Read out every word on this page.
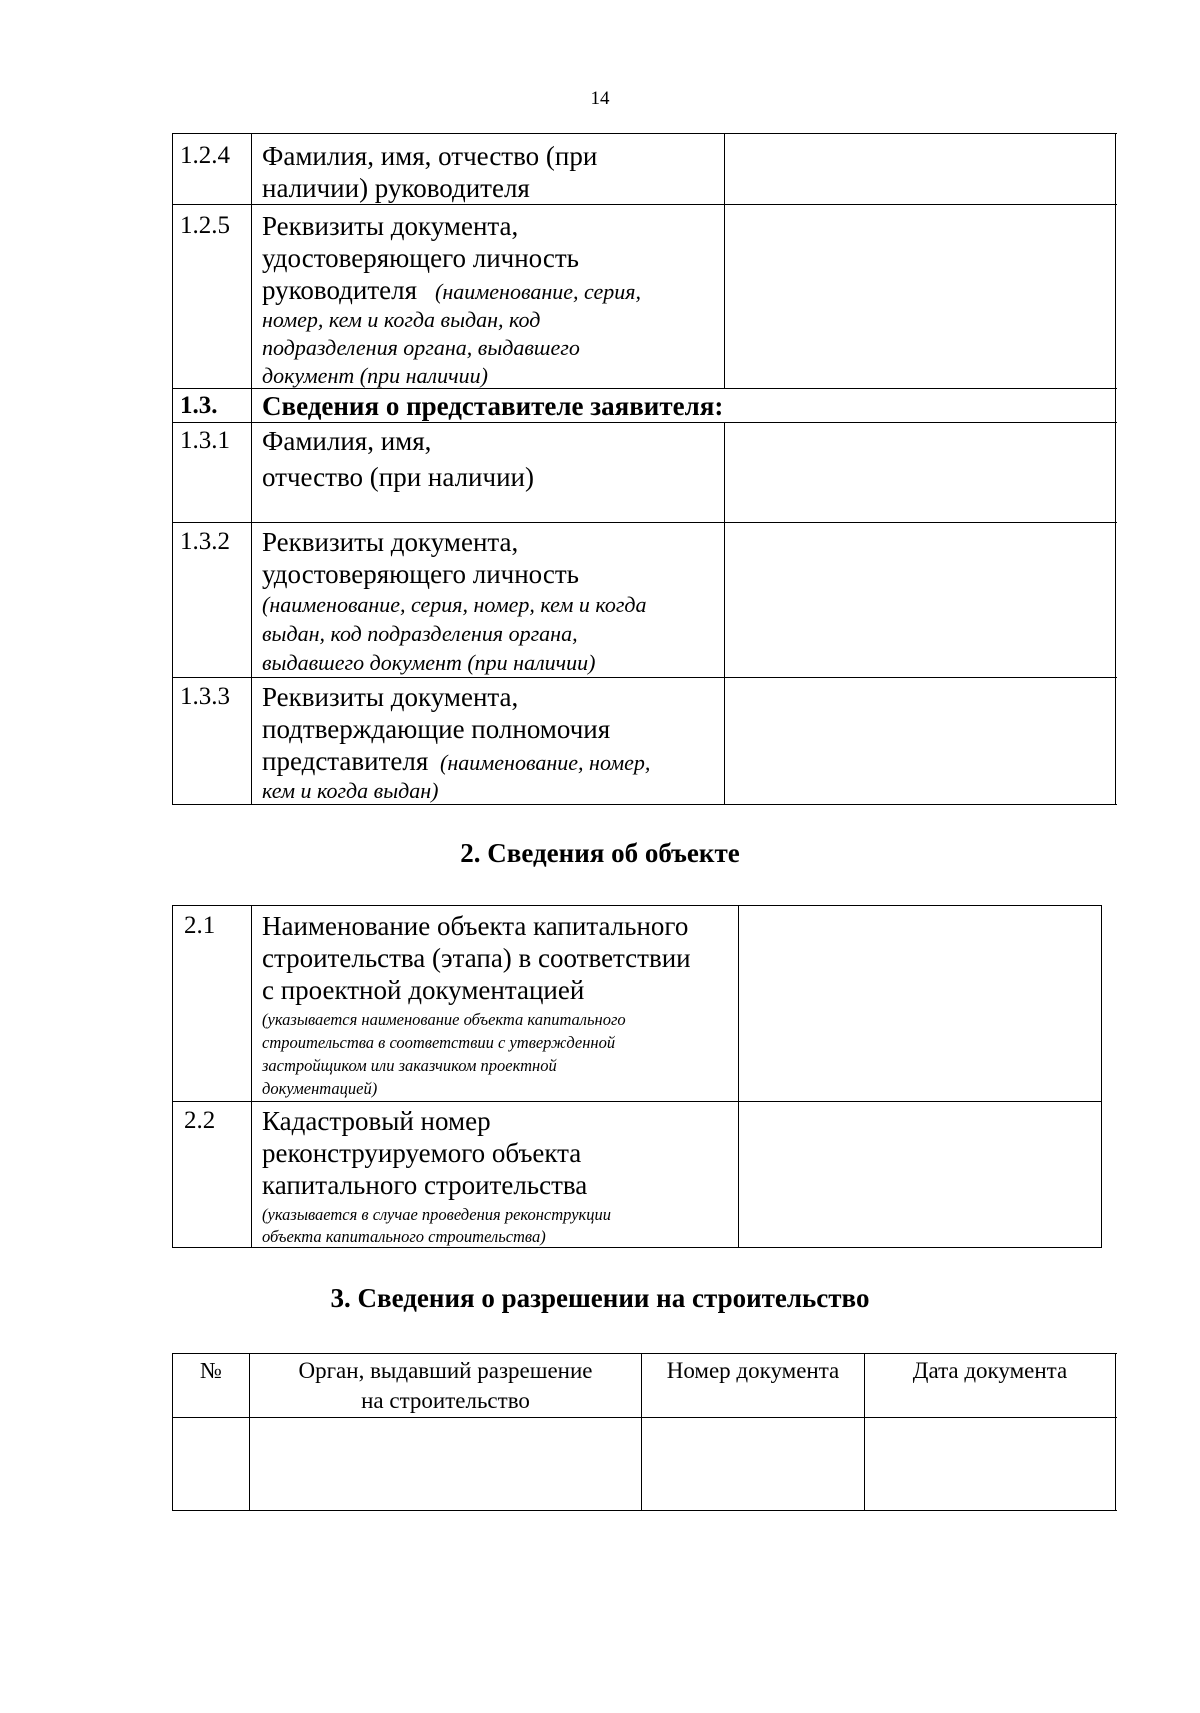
14
1.2.4 Фамилия, имя, отчество (при
наличии) руководителя
1.2.5 Реквизиты документа,
удостоверяющего личность
руководителя (наименование, серия,
номер, кем и когда выдан, код
подразделения органа, выдавшего
документ (при наличии)
1.3. Сведения о представителе заявителя:
1.3.1 Фамилия, имя,
отчество (при наличии)
1.3.2 Реквизиты документа,
удостоверяющего личность
(наименование, серия, номер, кем и когда
выдан, код подразделения органа,
выдавшего документ (при наличии)
1.3.3 Реквизиты документа,
подтверждающие полномочия
представителя (наименование, номер,
кем и когда выдан)
2. Сведения об объекте
2.1 Наименование объекта капитального
строительства (этапа) в соответствии
с проектной документацией
(указывается наименование объекта капитального
строительства в соответствии с утвержденной
застройщиком или заказчиком проектной
документацией)
2.2 Кадастровый номер
реконструируемого объекта
капитального строительства
(указывается в случае проведения реконструкции
объекта капитального строительства)
3. Сведения о разрешении на строительство
№	Орган, выдавший разрешение
на строительство
Номер документа	Дата документа
